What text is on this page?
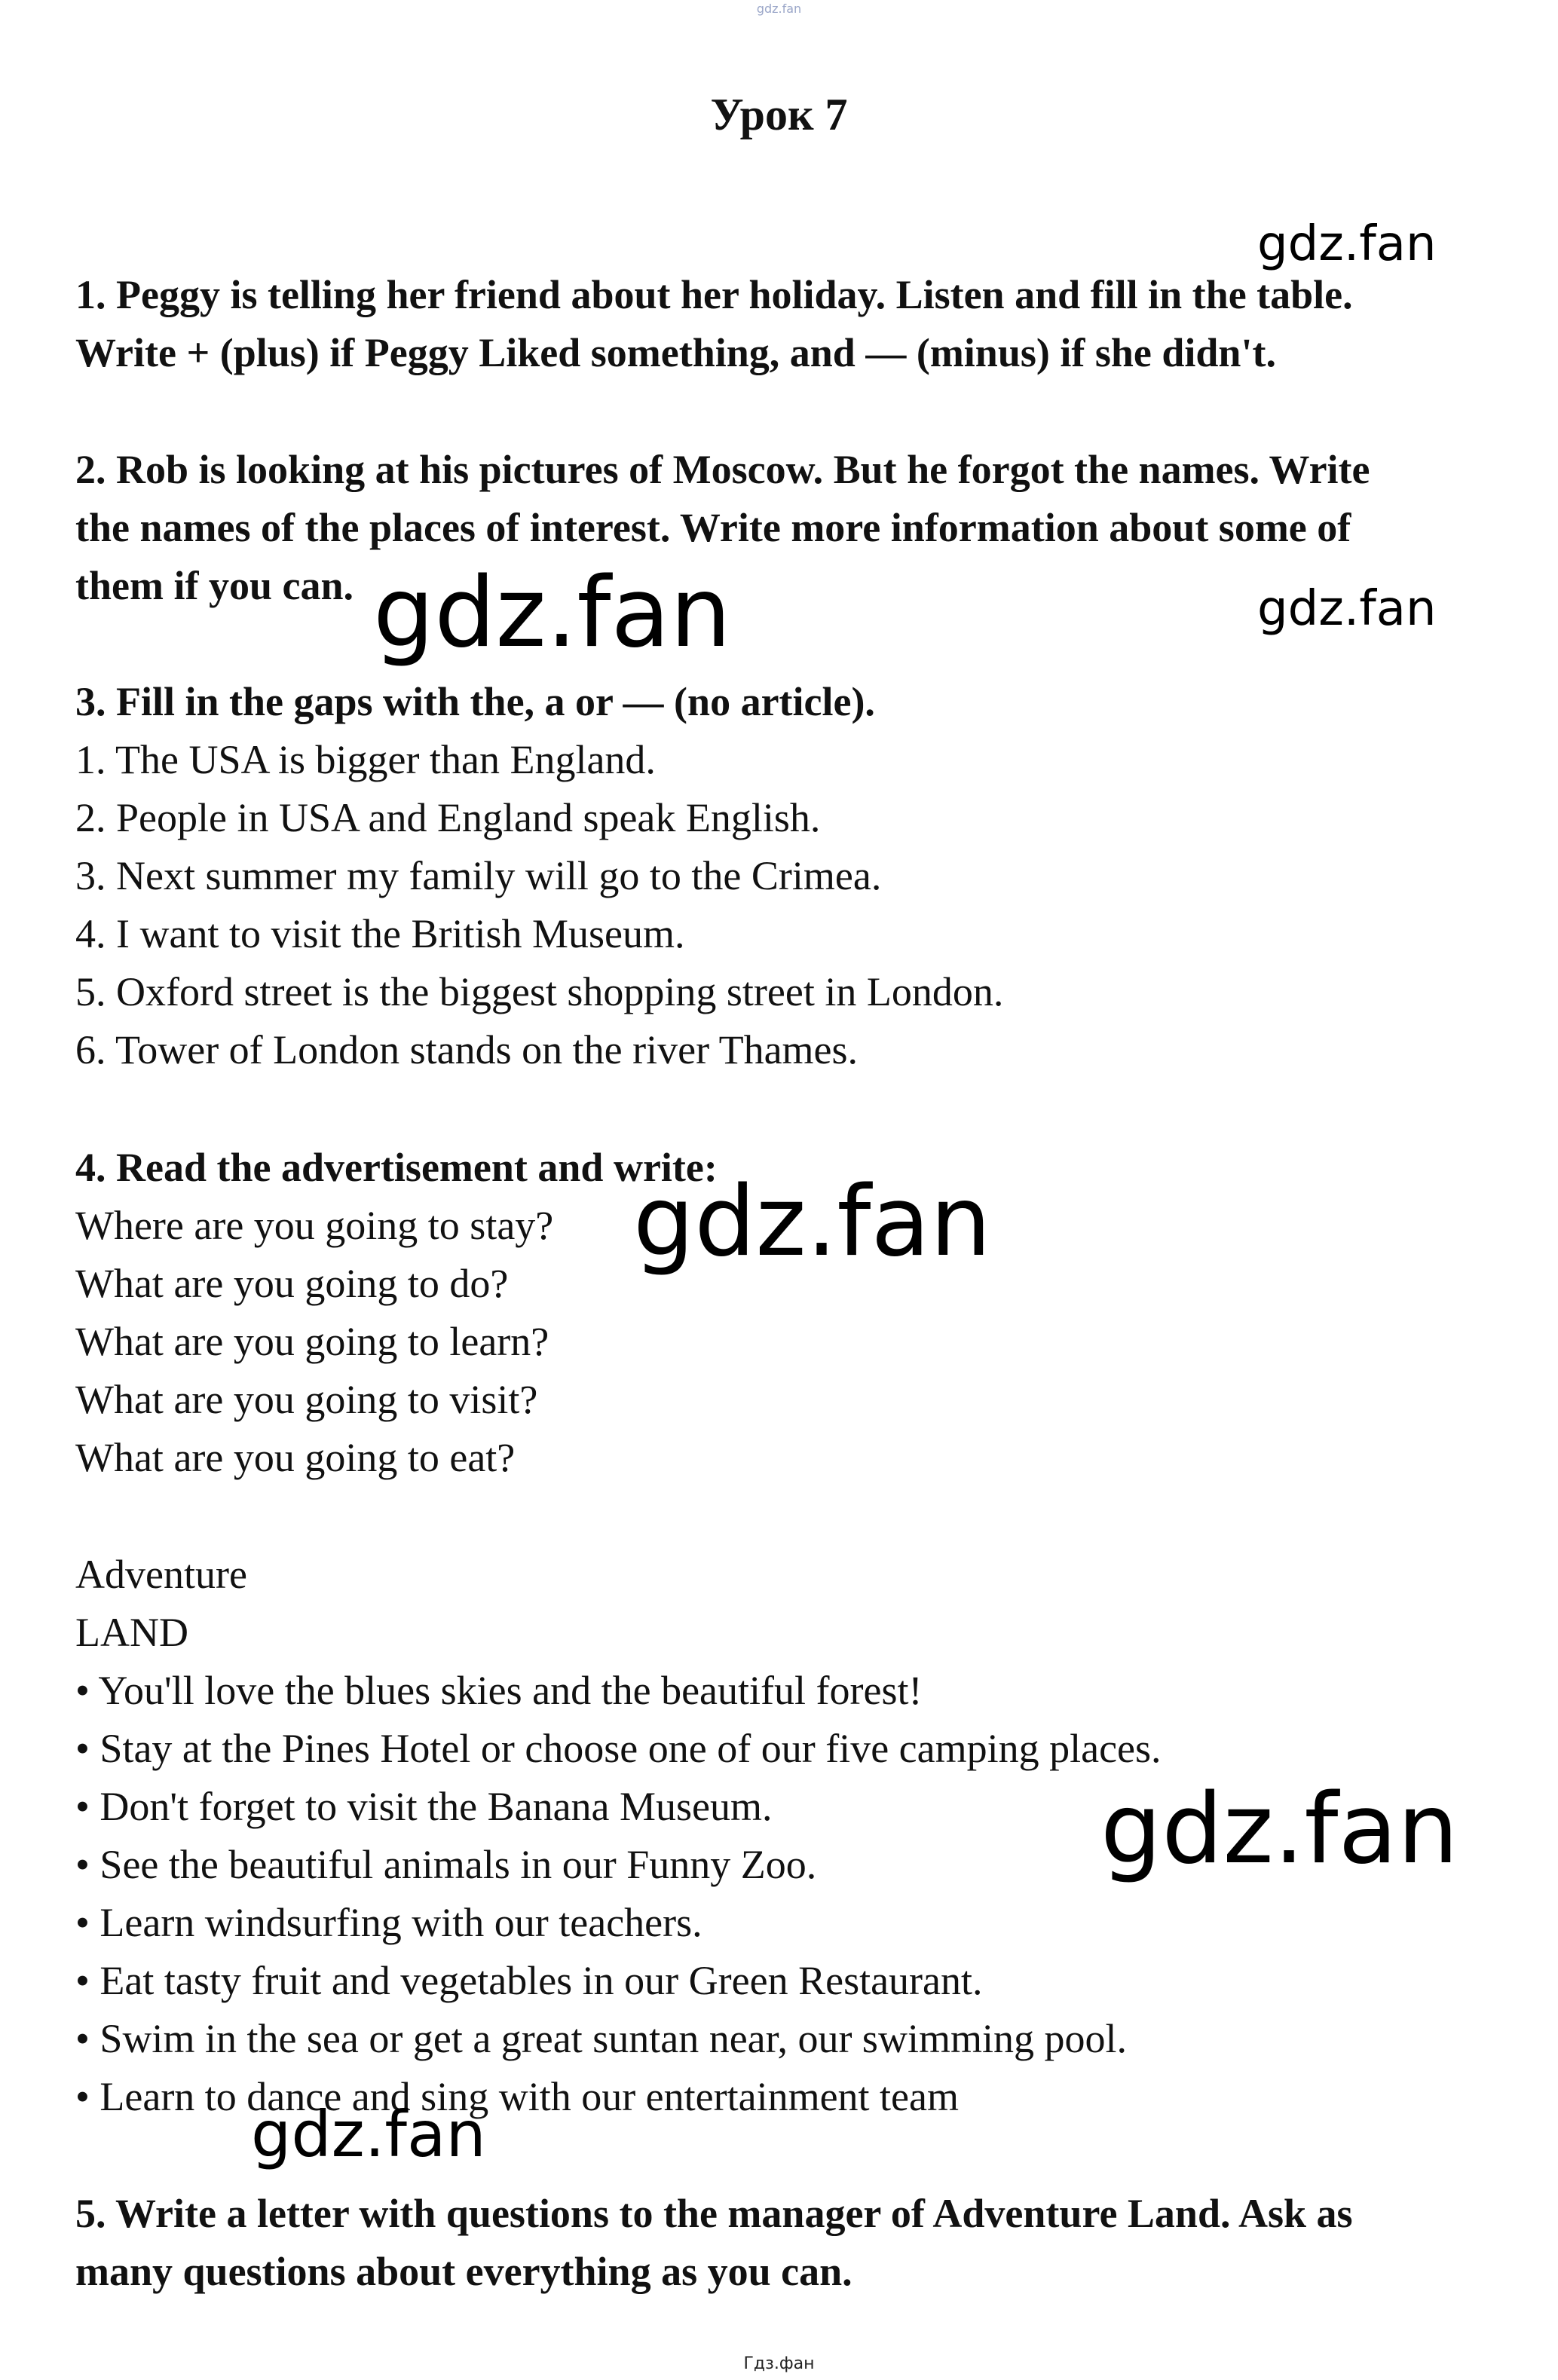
gdz.fan
Урок 7
1. Peggy is telling her friend about her holiday. Listen and fill in the table.
Write + (plus) if Peggy Liked something, and — (minus) if she didn't.
2. Rob is looking at his pictures of Moscow. But he forgot the names. Write
the names of the places of interest. Write more information about some of
them if you can.
3. Fill in the gaps with the, a or — (no article).
1. The USA is bigger than England.
2. People in USA and England speak English.
3. Next summer my family will go to the Crimea.
4. I want to visit the British Museum.
5. Oxford street is the biggest shopping street in London.
6. Tower of London stands on the river Thames.
4. Read the advertisement and write:
Where are you going to stay?
What are you going to do?
What are you going to learn?
What are you going to visit?
What are you going to eat?
Adventure
LAND
• You'll love the blues skies and the beautiful forest!
• Stay at the Pines Hotel or choose one of our five camping places.
• Don't forget to visit the Banana Museum.
• See the beautiful animals in our Funny Zoo.
• Learn windsurfing with our teachers.
• Eat tasty fruit and vegetables in our Green Restaurant.
• Swim in the sea or get a great suntan near, our swimming pool.
• Learn to dance and sing with our entertainment team
5. Write a letter with questions to the manager of Adventure Land. Ask as
many questions about everything as you can.
gdz.fan
gdz.fan	gdz.fan
gdz.fan
gdz.fan
gdz.fan
Гдз.фан
